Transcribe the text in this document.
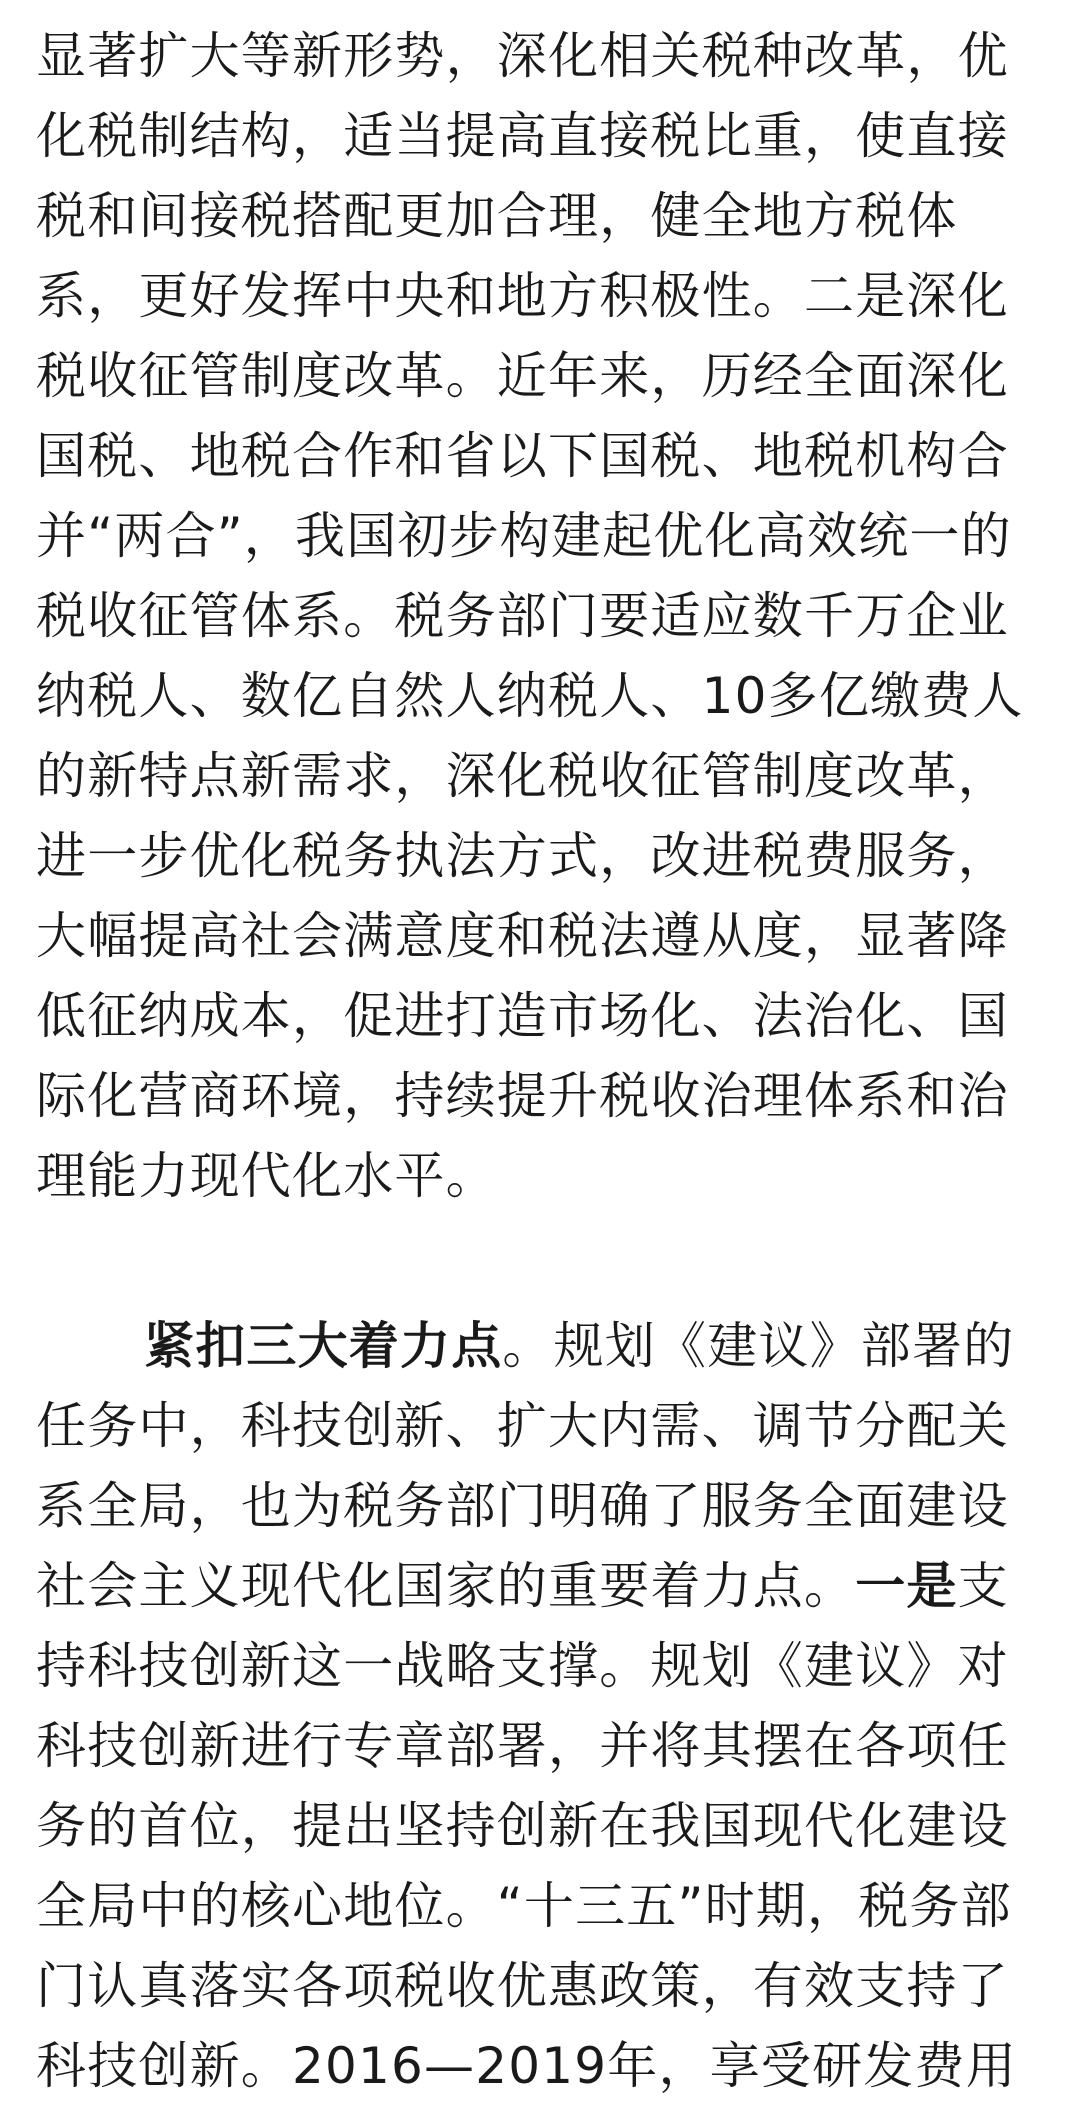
显著扩大等新形势，深化相关税种改革，优
化税制结构，适当提高直接税比重，使直接
税和间接税搭配更加合理，健全地方税体
系，更好发挥中央和地方积极性。二是深化
税收征管制度改革。近年来，历经全面深化
国税、地税合作和省以下国税、地税机构合
并“两合”，我国初步构建起优化高效统一的
税收征管体系。税务部门要适应数千万企业
纳税人、数亿自然人纳税人、10多亿缴费人
的新特点新需求，深化税收征管制度改革，
进一步优化税务执法方式，改进税费服务，
大幅提高社会满意度和税法遵从度，显著降
低征纳成本，促进打造市场化、法治化、国
际化营商环境，持续提升税收治理体系和治
理能力现代化水平。
紧扣三大着力点。规划《建议》部署的
任务中，科技创新、扩大内需、调节分配关
系全局，也为税务部门明确了服务全面建设
社会主义现代化国家的重要着力点。一是支
持科技创新这一战略支撑。规划《建议》对
科技创新进行专章部署，并将其摆在各项任
务的首位，提出坚持创新在我国现代化建设
全局中的核心地位。“十三五”时期，税务部
门认真落实各项税收优惠政策，有效支持了
科技创新。2016—2019年，享受研发费用
